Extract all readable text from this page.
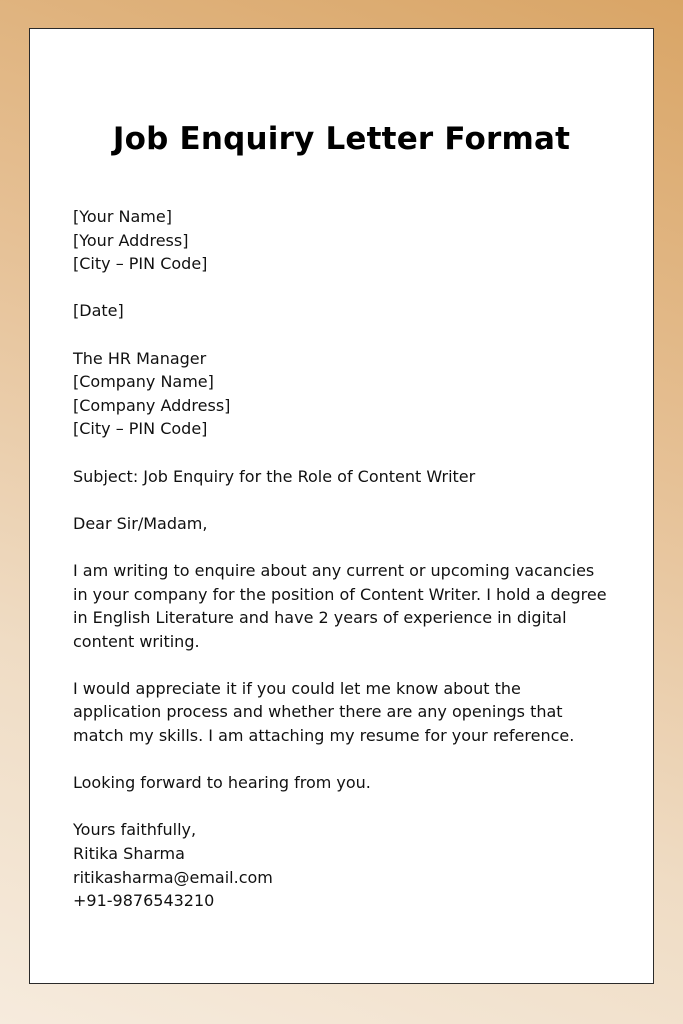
Job Enquiry Letter Format
[Your Name]
[Your Address]
[City – PIN Code]
[Date]
The HR Manager
[Company Name]
[Company Address]
[City – PIN Code]
Subject: Job Enquiry for the Role of Content Writer
Dear Sir/Madam,
I am writing to enquire about any current or upcoming vacancies
in your company for the position of Content Writer. I hold a degree
in English Literature and have 2 years of experience in digital
content writing.
I would appreciate it if you could let me know about the
application process and whether there are any openings that
match my skills. I am attaching my resume for your reference.
Looking forward to hearing from you.
Yours faithfully,
Ritika Sharma
ritikasharma@email.com
+91-9876543210
